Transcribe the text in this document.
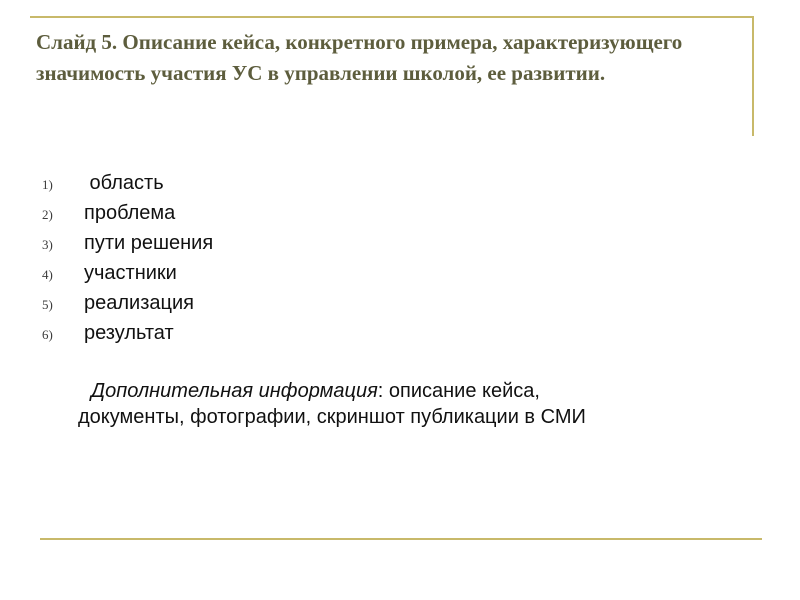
Слайд 5. Описание кейса, конкретного примера, характеризующего значимость участия УС в управлении школой, ее развитии.
1)	область
2)	проблема
3)	пути решения
4)	участники
5)	реализация
6)	результат
Дополнительная информация: описание кейса,
документы, фотографии, скриншот публикации в СМИ
